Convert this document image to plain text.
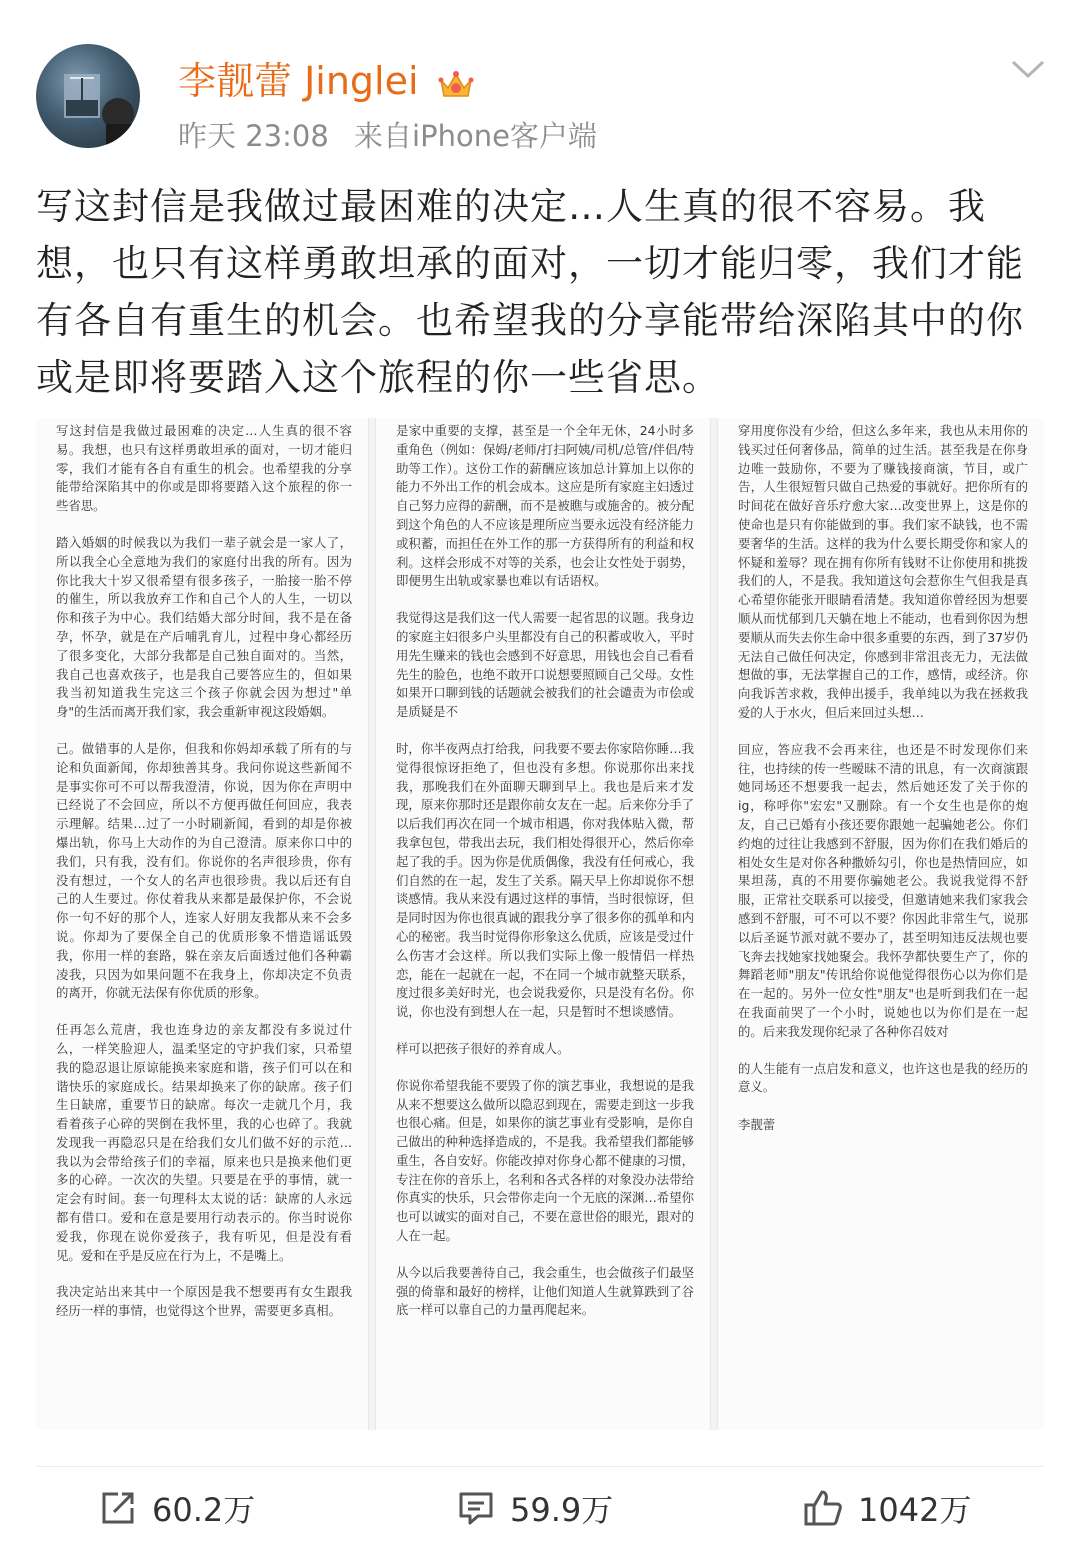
李靓蕾 Jinglei
昨天 23:08 来自iPhone客户端
写这封信是我做过最困难的决定…人生真的很不容易。我想，也只有这样勇敢坦承的面对，一切才能归零，我们才能有各自有重生的机会。也希望我的分享能带给深陷其中的你或是即将要踏入这个旅程的你一些省思。

写这封信是我做过最困难的决定…人生真的很不容易。我想，也只有这样勇敢坦承的面对，一切才能归零，我们才能有各自有重生的机会。也希望我的分享能带给深陷其中的你或是即将要踏入这个旅程的你一些省思。

踏入婚姻的时候我以为我们一辈子就会是一家人了，所以我全心全意地为我们的家庭付出我的所有。因为你比我大十岁又很希望有很多孩子，一胎接一胎不停的催生，所以我放弃工作和自己个人的人生，一切以你和孩子为中心。我们结婚大部分时间，我不是在备孕，怀孕，就是在产后哺乳育儿，过程中身心都经历了很多变化，大部分我都是自己独自面对的。当然，我自己也喜欢孩子，也是我自己要答应生的，但如果我当初知道我生完这三个孩子你就会因为想过"单身"的生活而离开我们家，我会重新审视这段婚姻。

己。做错事的人是你，但我和你妈却承载了所有的与论和负面新闻，你却独善其身。我问你说这些新闻不是事实你可不可以帮我澄清，你说，因为你在声明中已经说了不会回应，所以不方便再做任何回应，我表示理解。结果…过了一小时刷新闻，看到的却是你被爆出轨，你马上大动作的为自己澄清。原来你口中的我们，只有我，没有们。你说你的名声很珍贵，你有没有想过，一个女人的名声也很珍贵。我以后还有自己的人生要过。你仗着我从来都是最保护你，不会说你一句不好的那个人，连家人好朋友我都从来不会多说。你却为了要保全自己的优质形象不惜造谣诋毁我，你用一样的套路，躲在亲友后面透过他们各种霸凌我，只因为如果问题不在我身上，你却决定不负责的离开，你就无法保有你优质的形象。

任再怎么荒唐，我也连身边的亲友都没有多说过什么，一样笑脸迎人，温柔坚定的守护我们家，只希望我的隐忍退让原谅能换来家庭和谐，孩子们可以在和谐快乐的家庭成长。结果却换来了你的缺席。孩子们生日缺席，重要节日的缺席。每次一走就几个月，我看着孩子心碎的哭倒在我怀里，我的心也碎了。我就发现我一再隐忍只是在给我们女儿们做不好的示范…我以为会带给孩子们的幸福，原来也只是换来他们更多的心碎。一次次的失望。只要是在乎的事情，就一定会有时间。套一句理科太太说的话：缺席的人永远都有借口。爱和在意是要用行动表示的。你当时说你爱我，你现在说你爱孩子，我有听见，但是没有看见。爱和在乎是反应在行为上，不是嘴上。

我决定站出来其中一个原因是我不想要再有女生跟我经历一样的事情，也觉得这个世界，需要更多真相。

是家中重要的支撑，甚至是一个全年无休，24小时多重角色（例如：保姆/老师/打扫阿姨/司机/总管/伴侣/特助等工作）。这份工作的薪酬应该加总计算加上以你的能力不外出工作的机会成本。这应是所有家庭主妇透过自己努力应得的薪酬，而不是被瞧与或施舍的。被分配到这个角色的人不应该是理所应当要永远没有经济能力或积蓄，而担任在外工作的那一方获得所有的利益和权利。这样会形成不对等的关系，也会让女性处于弱势，即便男生出轨或家暴也难以有话语权。

我觉得这是我们这一代人需要一起省思的议题。我身边的家庭主妇很多户头里都没有自己的积蓄或收入，平时用先生赚来的钱也会感到不好意思，用钱也会自己看看先生的脸色，也绝不敢开口说想要照顾自己父母。女性如果开口聊到钱的话题就会被我们的社会谴责为市侩或是质疑是不

时，你半夜两点打给我，问我要不要去你家陪你睡…我觉得很惊讶拒绝了，但也没有多想。你说那你出来找我，那晚我们在外面聊天聊到早上。我也是后来才发现，原来你那时还是跟你前女友在一起。后来你分手了以后我们再次在同一个城市相遇，你对我体贴入微，帮我拿包包，带我出去玩，我们相处得很开心，然后你牵起了我的手。因为你是优质偶像，我没有任何戒心，我们自然的在一起，发生了关系。隔天早上你却说你不想谈感情。我从来没有遇过这样的事情，当时很惊讶，但是同时因为你也很真诚的跟我分享了很多你的孤单和内心的秘密。我当时觉得你形象这么优质，应该是受过什么伤害才会这样。所以我们实际上像一般情侣一样热恋，能在一起就在一起，不在同一个城市就整天联系，度过很多美好时光，也会说我爱你，只是没有名份。你说，你也没有到想人在一起，只是暂时不想谈感情。

样可以把孩子很好的养育成人。

你说你希望我能不要毁了你的演艺事业，我想说的是我从来不想要这么做所以隐忍到现在，需要走到这一步我也很心痛。但是，如果你的演艺事业有受影响，是你自己做出的种种选择造成的，不是我。我希望我们都能够重生，各自安好。你能改掉对你身心都不健康的习惯，专注在你的音乐上，名利和各式各样的对象没办法带给你真实的快乐，只会带你走向一个无底的深渊…希望你也可以诚实的面对自己，不要在意世俗的眼光，跟对的人在一起。

从今以后我要善待自己，我会重生，也会做孩子们最坚强的倚靠和最好的榜样，让他们知道人生就算跌到了谷底一样可以靠自己的力量再爬起来。

穿用度你没有少给，但这么多年来，我也从未用你的钱买过任何奢侈品，简单的过生活。甚至我是在你身边唯一鼓励你，不要为了赚钱接商演，节目，或广告，人生很短暂只做自己热爱的事就好。把你所有的时间花在做好音乐疗愈大家…改变世界上，这是你的使命也是只有你能做到的事。我们家不缺钱，也不需要奢华的生活。这样的我为什么要长期受你和家人的怀疑和羞辱？现在拥有你所有钱财不让你使用和挑拨我们的人，不是我。我知道这句会惹你生气但我是真心希望你能张开眼睛看清楚。我知道你曾经因为想要顺从而忧郁到几天躺在地上不能动，也看到你因为想要顺从而失去你生命中很多重要的东西，到了37岁仍无法自己做任何决定，你感到非常沮丧无力，无法做想做的事，无法掌握自己的工作，感情，或经济。你向我诉苦求救，我伸出援手，我单纯以为我在拯救我爱的人于水火，但后来回过头想…

回应，答应我不会再来往，也还是不时发现你们来往，也持续的传一些暧昧不清的讯息，有一次商演跟她同场还不想要我一起去，然后她还发了关于你的ig，称呼你"宏宏"又删除。有一个女生也是你的炮友，自己已婚有小孩还要你跟她一起骗她老公。你们约炮的过往让我感到不舒服，因为你们在我们婚后的相处女生是对你各种撒娇勾引，你也是热情回应，如果坦荡，真的不用要你骗她老公。我说我觉得不舒服，正常社交联系可以接受，但邀请她来我们家我会感到不舒服，可不可以不要？你因此非常生气，说那以后圣诞节派对就不要办了，甚至明知违反法规也要飞奔去找她家找她聚会。我怀孕都快要生产了，你的舞蹈老师"朋友"传讯给你说他觉得很伤心以为你们是在一起的。另外一位女性"朋友"也是听到我们在一起在我面前哭了一个小时，说她也以为你们是在一起的。后来我发现你纪录了各种你召妓对

的人生能有一点启发和意义，也许这也是我的经历的意义。

李靓蕾
60.2万	59.9万	1042万
